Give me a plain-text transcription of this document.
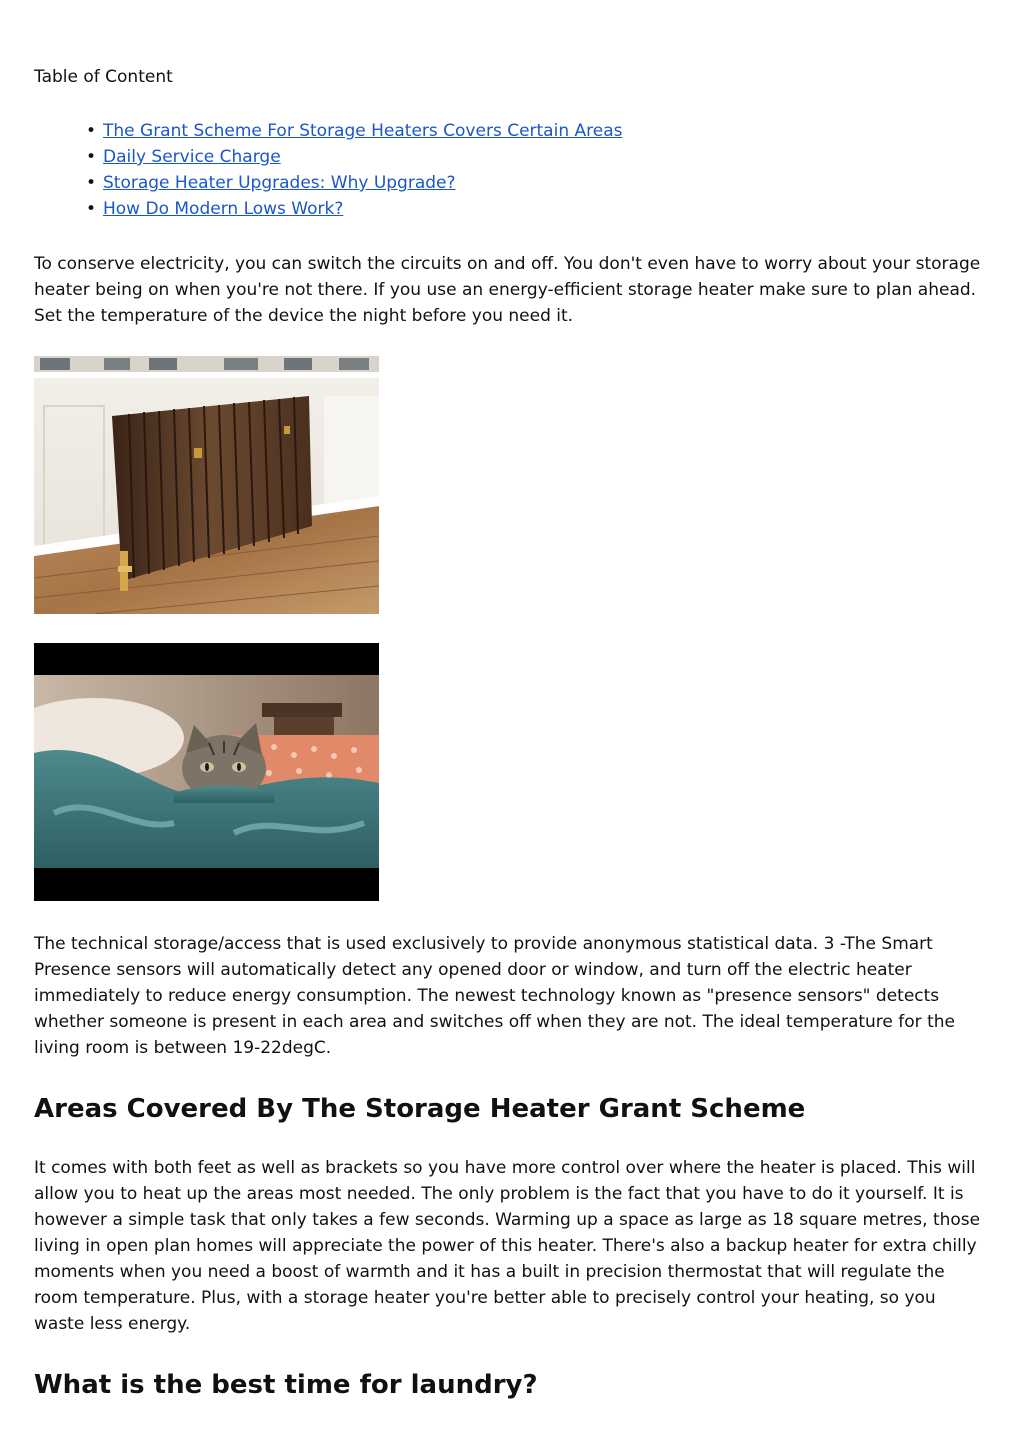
Table of Content

• The Grant Scheme For Storage Heaters Covers Certain Areas
• Daily Service Charge
• Storage Heater Upgrades: Why Upgrade?
• How Do Modern Lows Work?

To conserve electricity, you can switch the circuits on and off. You don't even have to worry about your storage heater being on when you're not there. If you use an energy-efficient storage heater make sure to plan ahead. Set the temperature of the device the night before you need it.

The technical storage/access that is used exclusively to provide anonymous statistical data. 3 -The Smart Presence sensors will automatically detect any opened door or window, and turn off the electric heater immediately to reduce energy consumption. The newest technology known as "presence sensors" detects whether someone is present in each area and switches off when they are not. The ideal temperature for the living room is between 19-22degC.

Areas Covered By The Storage Heater Grant Scheme

It comes with both feet as well as brackets so you have more control over where the heater is placed. This will allow you to heat up the areas most needed. The only problem is the fact that you have to do it yourself. It is however a simple task that only takes a few seconds. Warming up a space as large as 18 square metres, those living in open plan homes will appreciate the power of this heater. There's also a backup heater for extra chilly moments when you need a boost of warmth and it has a built in precision thermostat that will regulate the room temperature. Plus, with a storage heater you're better able to precisely control your heating, so you waste less energy.

What is the best time for laundry?
